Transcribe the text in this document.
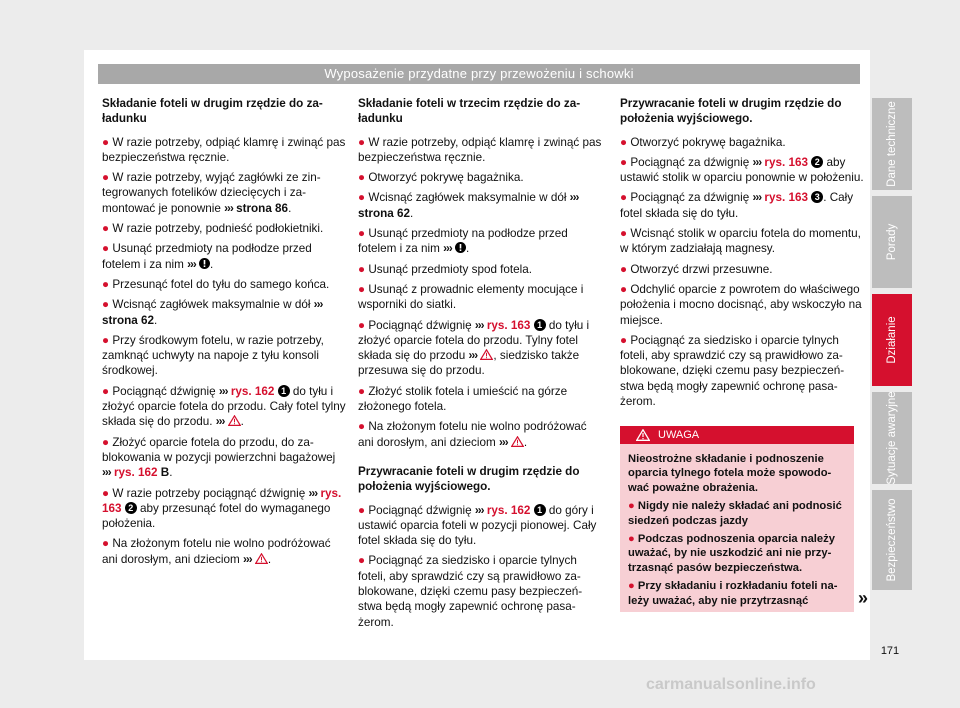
Wyposażenie przydatne przy przewożeniu i schowki
Składanie foteli w drugim rzędzie do załadunku

● W razie potrzeby, odpiąć klamrę i zwinąć pas bezpieczeństwa ręcznie.

● W razie potrzeby, wyjąć zagłówki ze zintegrowanych fotelików dziecięcych i zamontować je ponownie ››› strona 86.

● W razie potrzeby, podnieść podłokietniki.

● Usunąć przedmioty na podłodze przed fotelem i za nim ››› .

● Przesunąć fotel do tyłu do samego końca.

● Wcisnąć zagłówek maksymalnie w dół ››› strona 62.

● Przy środkowym fotelu, w razie potrzeby, zamknąć uchwyty na napoje z tyłu konsoli środkowej.

● Pociągnąć dźwignię ››› rys. 162 1 do tyłu i złożyć oparcie fotela do przodu. Cały fotel tylny składa się do przodu. ››› .

● Złożyć oparcie fotela do przodu, do zablokowania w pozycji powierzchni bagażowej ››› rys. 162 B.

● W razie potrzeby pociągnąć dźwignię ››› rys. 163 2 aby przesunąć fotel do wymaganego położenia.

● Na złożonym fotelu nie wolno podróżować ani dorosłym, ani dzieciom ››› .

Składanie foteli w trzecim rzędzie do załadunku

● W razie potrzeby, odpiąć klamrę i zwinąć pas bezpieczeństwa ręcznie.

● Otworzyć pokrywę bagażnika.

● Wcisnąć zagłówek maksymalnie w dół ››› strona 62.

● Usunąć przedmioty na podłodze przed fotelem i za nim ››› .

● Usunąć przedmioty spod fotela.

● Usunąć z prowadnic elementy mocujące i wsporniki do siatki.

● Pociągnąć dźwignię ››› rys. 163 1 do tyłu i złożyć oparcie fotela do przodu. Tylny fotel składa się do przodu ››› , siedzisko także przesuwa się do przodu.

● Złożyć stolik fotela i umieścić na górze złożonego fotela.

● Na złożonym fotelu nie wolno podróżować ani dorosłym, ani dzieciom ››› .

Przywracanie foteli w drugim rzędzie do położenia wyjściowego.

● Pociągnąć dźwignię ››› rys. 162 1 do góry i ustawić oparcia foteli w pozycji pionowej. Cały fotel składa się do tyłu.

● Pociągnąć za siedzisko i oparcie tylnych foteli, aby sprawdzić czy są prawidłowo zablokowane, dzięki czemu pasy bezpieczeństwa będą mogły zapewnić ochronę pasażerom.

Przywracanie foteli w drugim rzędzie do położenia wyjściowego.

● Otworzyć pokrywę bagażnika.

● Pociągnąć za dźwignię ››› rys. 163 2 aby ustawić stolik w oparciu ponownie w położeniu.

● Pociągnąć za dźwignię ››› rys. 163 3 . Cały fotel składa się do tyłu.

● Wcisnąć stolik w oparciu fotela do momentu, w którym zadziałają magnesy.

● Otworzyć drzwi przesuwne.

● Odchylić oparcie z powrotem do właściwego położenia i mocno docisnąć, aby wskoczyło na miejsce.

● Pociągnąć za siedzisko i oparcie tylnych foteli, aby sprawdzić czy są prawidłowo zablokowane, dzięki czemu pasy bezpieczeństwa będą mogły zapewnić ochronę pasażerom.

UWAGA

Nieostrożne składanie i podnoszenie oparcia tylnego fotela może spowodować poważne obrażenia.

● Nigdy nie należy składać ani podnosić siedzeń podczas jazdy

● Podczas podnoszenia oparcia należy uważać, by nie uszkodzić ani nie przytrzasnąć pasów bezpieczeństwa.

● Przy składaniu i rozkładaniu foteli należy uważać, aby nie przytrzasnąć	»
Dane techniczne
Porady
Działanie
Sytuacje awaryjne
Bezpieczeństwo
171
carmanualsonline.info
